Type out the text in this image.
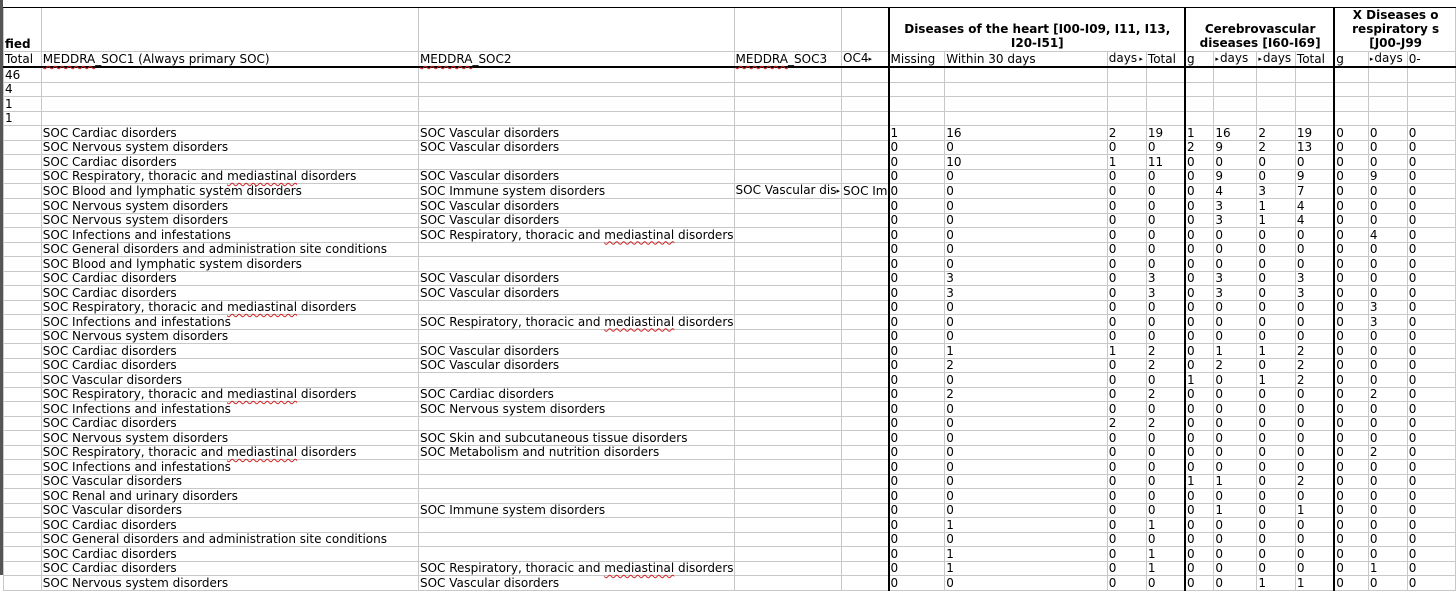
fied					Diseases of the heart [I00-I09, I11, I13, I20-I51]				Cerebrovascular diseases [I60-I69]				X Diseases o respiratory s [J00-J99		
Total	MEDDRA_SOC1 (Always primary SOC)	MEDDRA_SOC2	MEDDRA_SOC3	OC4▸	Missing	Within 30 days	days ▸	Total	g	▸days	▸days	Total	g	▸days	0-
46															
4															
1															
1															
	SOC Cardiac disorders	SOC Vascular disorders			1	16	2	19	1	16	2	19	0	0	0
	SOC Nervous system disorders	SOC Vascular disorders			0	0	0	0	2	9	2	13	0	0	0
	SOC Cardiac disorders				0	10	1	11	0	0	0	0	0	0	0
	SOC Respiratory, thoracic and mediastinal disorders	SOC Vascular disorders			0	0	0	0	0	9	0	9	0	9	0
	SOC Blood and lymphatic system disorders	SOC Immune system disorders	SOC Vascular dis▸	SOC Im	0	0	0	0	0	4	3	7	0	0	0
	SOC Nervous system disorders	SOC Vascular disorders			0	0	0	0	0	3	1	4	0	0	0
	SOC Nervous system disorders	SOC Vascular disorders			0	0	0	0	0	3	1	4	0	0	0
	SOC Infections and infestations	SOC Respiratory, thoracic and mediastinal disorders			0	0	0	0	0	0	0	0	0	4	0
	SOC General disorders and administration site conditions				0	0	0	0	0	0	0	0	0	0	0
	SOC Blood and lymphatic system disorders				0	0	0	0	0	0	0	0	0	0	0
	SOC Cardiac disorders	SOC Vascular disorders			0	3	0	3	0	3	0	3	0	0	0
	SOC Cardiac disorders	SOC Vascular disorders			0	3	0	3	0	3	0	3	0	0	0
	SOC Respiratory, thoracic and mediastinal disorders				0	0	0	0	0	0	0	0	0	3	0
	SOC Infections and infestations	SOC Respiratory, thoracic and mediastinal disorders			0	0	0	0	0	0	0	0	0	3	0
	SOC Nervous system disorders				0	0	0	0	0	0	0	0	0	0	0
	SOC Cardiac disorders	SOC Vascular disorders			0	1	1	2	0	1	1	2	0	0	0
	SOC Cardiac disorders	SOC Vascular disorders			0	2	0	2	0	2	0	2	0	0	0
	SOC Vascular disorders				0	0	0	0	1	0	1	2	0	0	0
	SOC Respiratory, thoracic and mediastinal disorders	SOC Cardiac disorders			0	2	0	2	0	0	0	0	0	2	0
	SOC Infections and infestations	SOC Nervous system disorders			0	0	0	0	0	0	0	0	0	0	0
	SOC Cardiac disorders				0	0	2	2	0	0	0	0	0	0	0
	SOC Nervous system disorders	SOC Skin and subcutaneous tissue disorders			0	0	0	0	0	0	0	0	0	0	0
	SOC Respiratory, thoracic and mediastinal disorders	SOC Metabolism and nutrition disorders			0	0	0	0	0	0	0	0	0	2	0
	SOC Infections and infestations				0	0	0	0	0	0	0	0	0	0	0
	SOC Vascular disorders				0	0	0	0	1	1	0	2	0	0	0
	SOC Renal and urinary disorders				0	0	0	0	0	0	0	0	0	0	0
	SOC Vascular disorders	SOC Immune system disorders			0	0	0	0	0	1	0	1	0	0	0
	SOC Cardiac disorders				0	1	0	1	0	0	0	0	0	0	0
	SOC General disorders and administration site conditions				0	0	0	0	0	0	0	0	0	0	0
	SOC Cardiac disorders				0	1	0	1	0	0	0	0	0	0	0
	SOC Cardiac disorders	SOC Respiratory, thoracic and mediastinal disorders			0	1	0	1	0	0	0	0	0	1	0
	SOC Nervous system disorders	SOC Vascular disorders			0	0	0	0	0	0	1	1	0	0	0
